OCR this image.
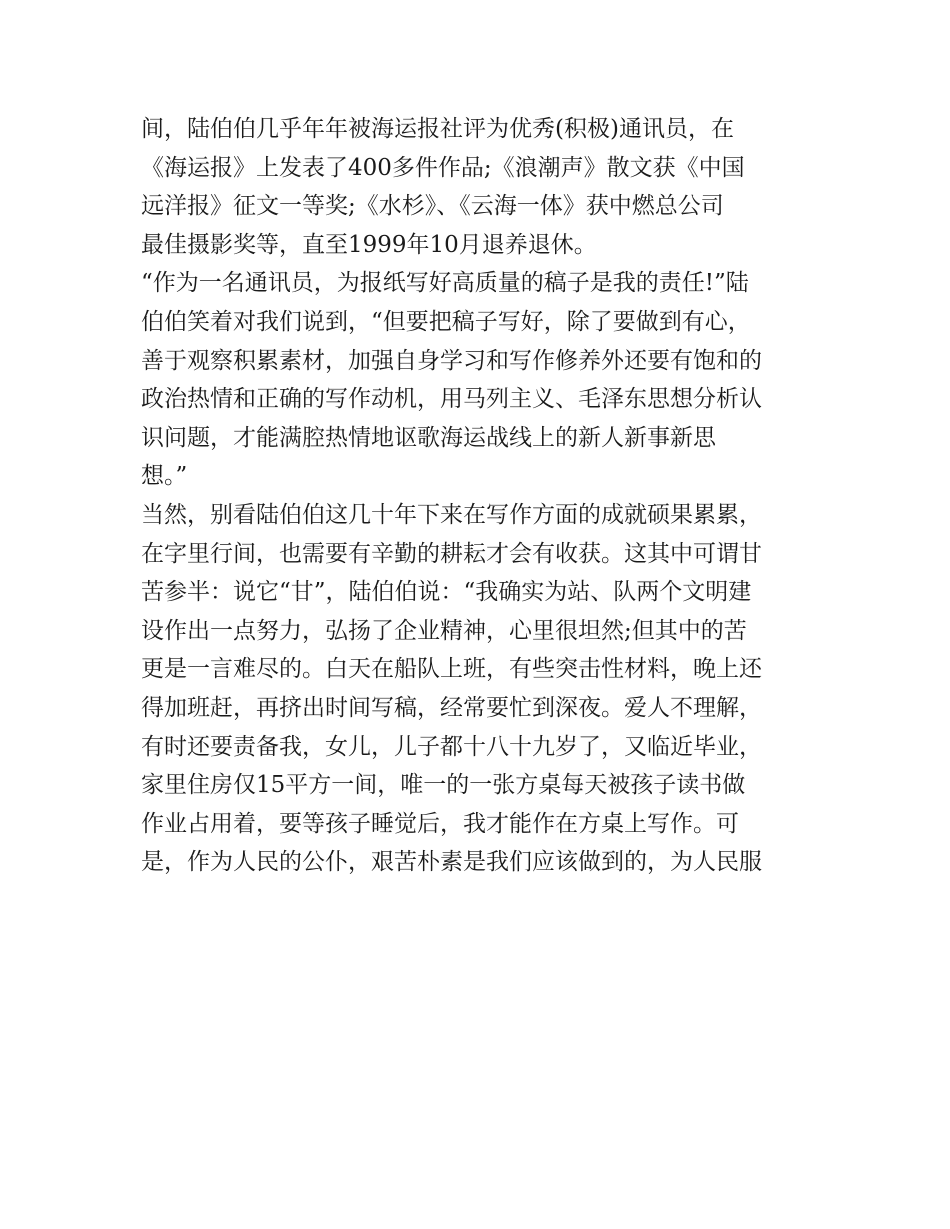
间，陆伯伯几乎年年被海运报社评为优秀(积极)通讯员，在
《海运报》上发表了400多件作品;《浪潮声》散文获《中国
远洋报》征文一等奖;《水杉》、《云海一体》获中燃总公司
最佳摄影奖等，直至1999年10月退养退休。
“作为一名通讯员，为报纸写好高质量的稿子是我的责任!”陆
伯伯笑着对我们说到，“但要把稿子写好，除了要做到有心，
善于观察积累素材，加强自身学习和写作修养外还要有饱和的
政治热情和正确的写作动机，用马列主义、毛泽东思想分析认
识问题，才能满腔热情地讴歌海运战线上的新人新事新思
想。”
当然，别看陆伯伯这几十年下来在写作方面的成就硕果累累，
在字里行间，也需要有辛勤的耕耘才会有收获。这其中可谓甘
苦参半：说它“甘”，陆伯伯说：“我确实为站、队两个文明建
设作出一点努力，弘扬了企业精神，心里很坦然;但其中的苦
更是一言难尽的。白天在船队上班，有些突击性材料，晚上还
得加班赶，再挤出时间写稿，经常要忙到深夜。爱人不理解，
有时还要责备我，女儿，儿子都十八十九岁了，又临近毕业，
家里住房仅15平方一间，唯一的一张方桌每天被孩子读书做
作业占用着，要等孩子睡觉后，我才能作在方桌上写作。可
是，作为人民的公仆，艰苦朴素是我们应该做到的，为人民服
